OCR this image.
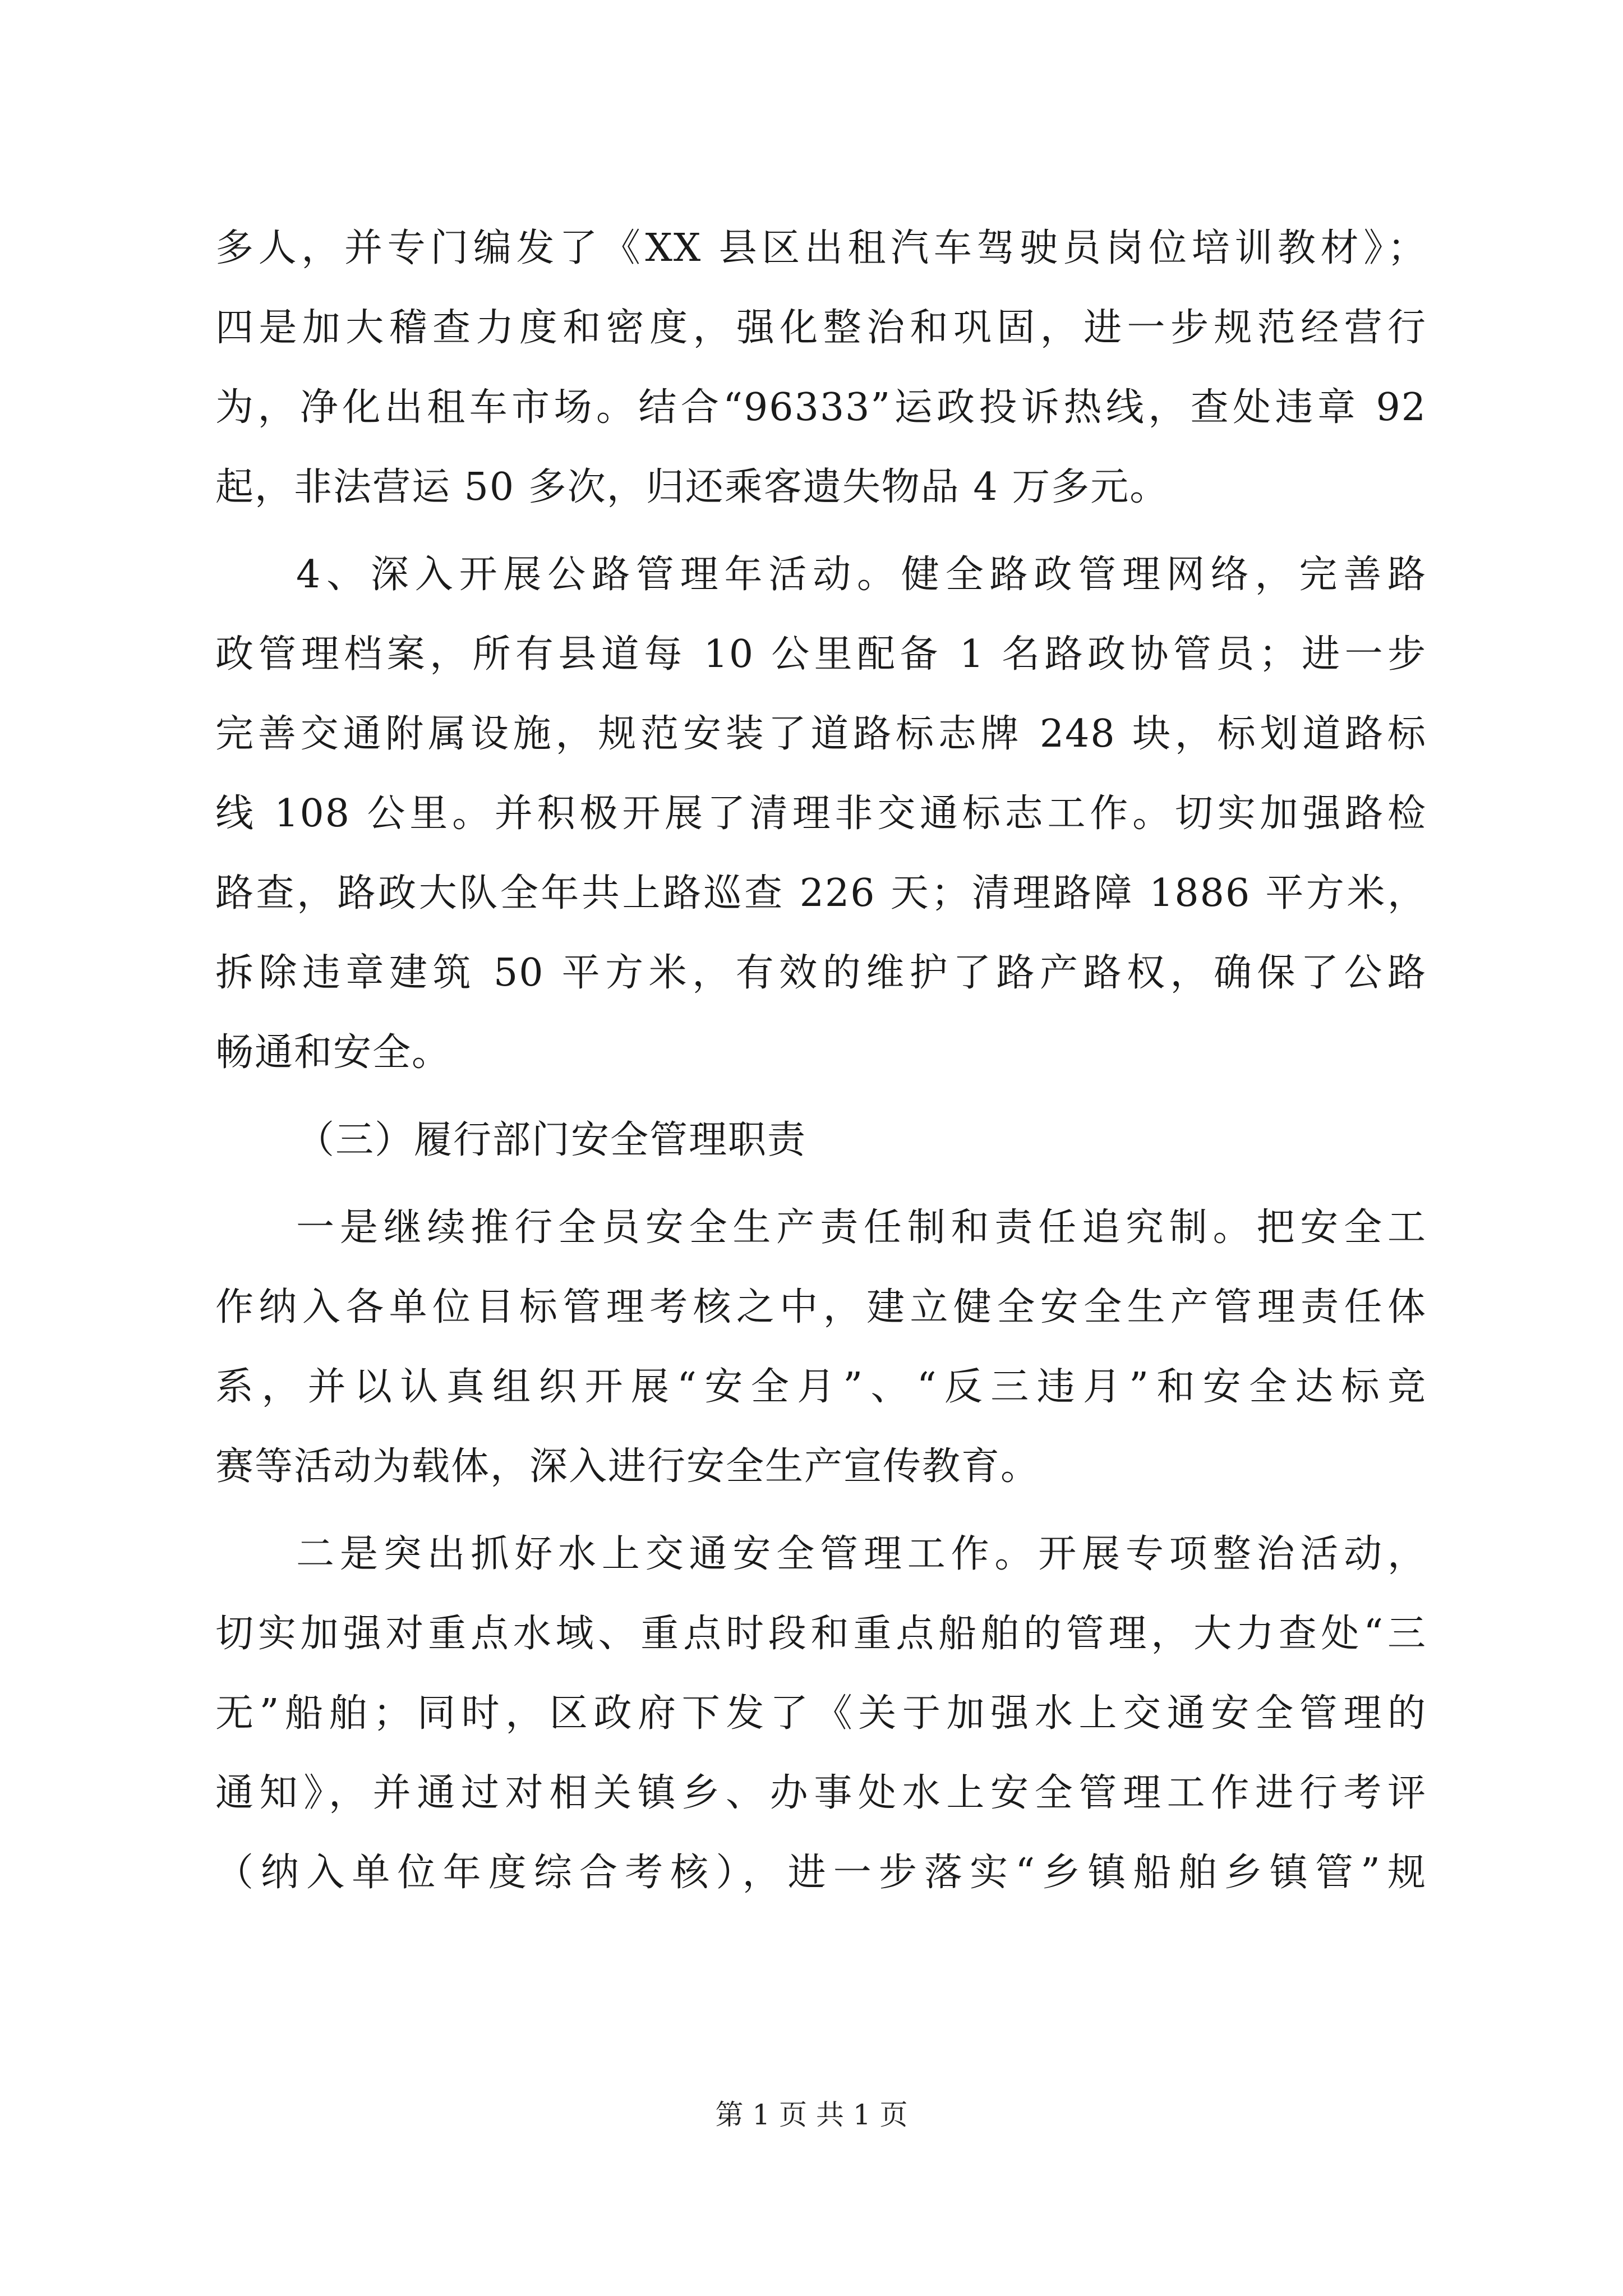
多人，并专门编发了《XX 县区出租汽车驾驶员岗位培训教材》；
四是加大稽查力度和密度，强化整治和巩固，进一步规范经营行
为，净化出租车市场。结合“96333”运政投诉热线，查处违章 92
起，非法营运 50 多次，归还乘客遗失物品 4 万多元。
4、深入开展公路管理年活动。健全路政管理网络，完善路
政管理档案，所有县道每 10 公里配备 1 名路政协管员；进一步
完善交通附属设施，规范安装了道路标志牌 248 块，标划道路标
线 108 公里。并积极开展了清理非交通标志工作。切实加强路检
路查，路政大队全年共上路巡查 226 天；清理路障 1886 平方米，
拆除违章建筑 50 平方米，有效的维护了路产路权，确保了公路
畅通和安全。
（三）履行部门安全管理职责
一是继续推行全员安全生产责任制和责任追究制。把安全工
作纳入各单位目标管理考核之中，建立健全安全生产管理责任体
系，并以认真组织开展“安全月”、“反三违月”和安全达标竞
赛等活动为载体，深入进行安全生产宣传教育。
二是突出抓好水上交通安全管理工作。开展专项整治活动，
切实加强对重点水域、重点时段和重点船舶的管理，大力查处“三
无”船舶；同时，区政府下发了《关于加强水上交通安全管理的
通知》，并通过对相关镇乡、办事处水上安全管理工作进行考评
（纳入单位年度综合考核），进一步落实“乡镇船舶乡镇管”规
第 1 页 共 1 页
